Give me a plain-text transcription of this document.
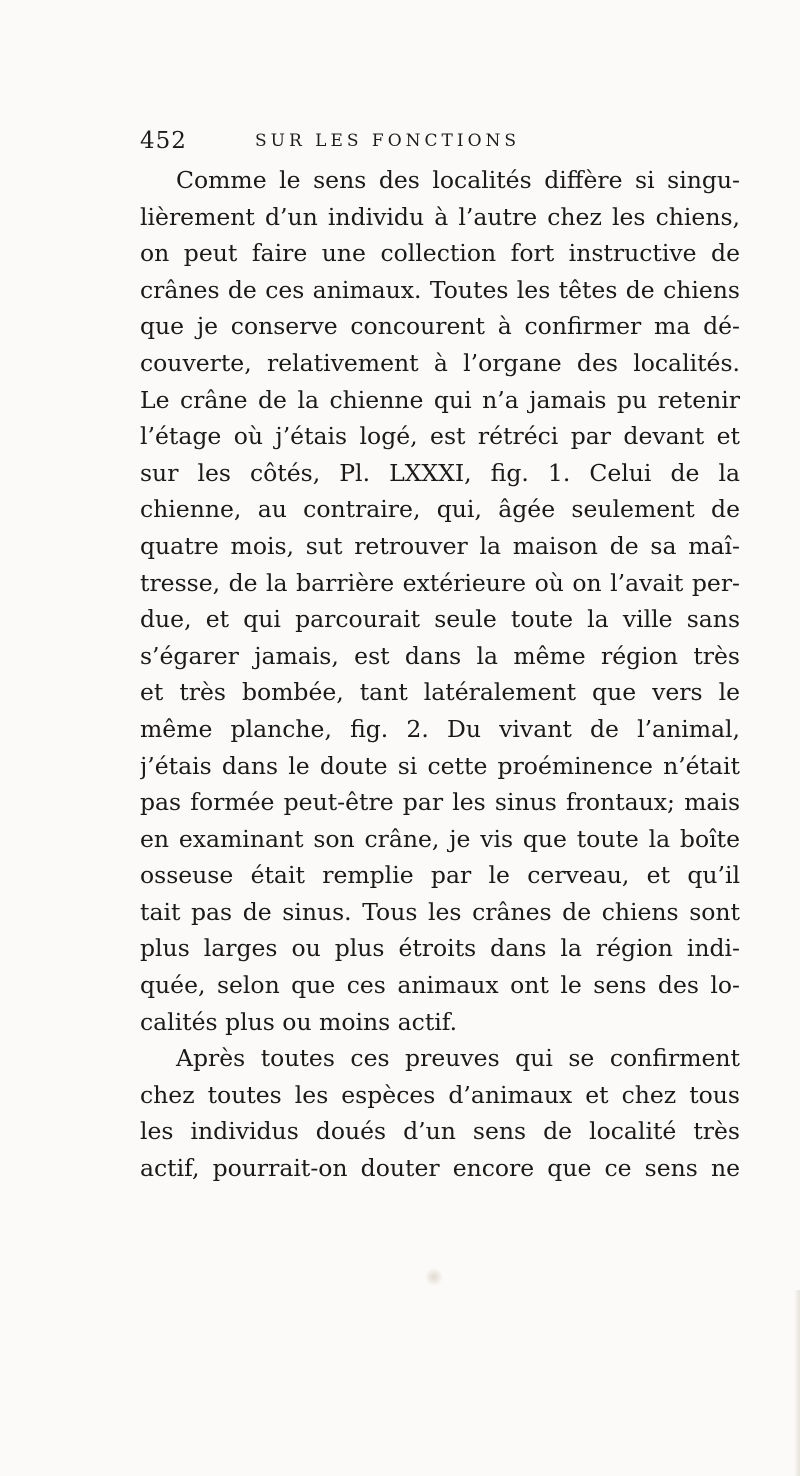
452	SUR LES FONCTIONS
Comme le sens des localités diffère si singu-
lièrement d’un individu à l’autre chez les chiens,
on peut faire une collection fort instructive de
crânes de ces animaux. Toutes les têtes de chiens
que je conserve concourent à confirmer ma dé-
couverte, relativement à l’organe des localités.
Le crâne de la chienne qui n’a jamais pu retenir
l’étage où j’étais logé, est rétréci par devant et
sur les côtés, Pl. LXXXI, fig. 1. Celui de la
chienne, au contraire, qui, âgée seulement de
quatre mois, sut retrouver la maison de sa maî-
tresse, de la barrière extérieure où on l’avait per-
due, et qui parcourait seule toute la ville sans
s’égarer jamais, est dans la même région très
et très bombée, tant latéralement que vers le
même planche, fig. 2. Du vivant de l’animal,
j’étais dans le doute si cette proéminence n’était
pas formée peut-être par les sinus frontaux; mais
en examinant son crâne, je vis que toute la boîte
osseuse était remplie par le cerveau, et qu’il
tait pas de sinus. Tous les crânes de chiens sont
plus larges ou plus étroits dans la région indi-
quée, selon que ces animaux ont le sens des lo-
calités plus ou moins actif.
Après toutes ces preuves qui se confirment
chez toutes les espèces d’animaux et chez tous
les individus doués d’un sens de localité très
actif, pourrait-on douter encore que ce sens ne
